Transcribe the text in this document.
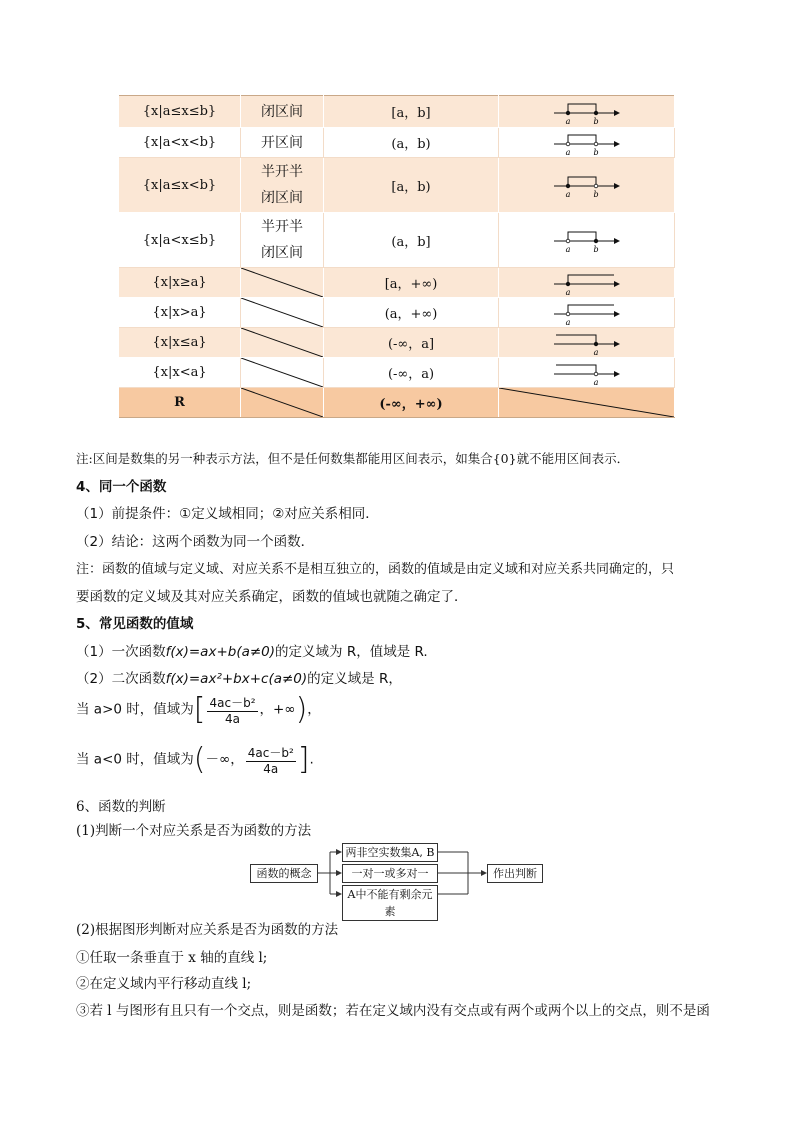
{x|a≤x≤b}	闭区间	[a，b]	a b

{x|a<x<b}	开区间	(a，b)	a b

{x|a≤x<b}	半开半
闭区间	[a，b)	a b

{x|a<x≤b}	半开半
闭区间	(a，b]	a b

{x|x≥a}		[a，+∞)	a

{x|x>a}		(a，+∞)	a

{x|x≤a}		(-∞，a]	a

{x|x<a}		(-∞，a)	a

R		(-∞，+∞)	
注:区间是数集的另一种表示方法，但不是任何数集都能用区间表示，如集合{0}就不能用区间表示．
4、同一个函数
（1）前提条件：①定义域相同；②对应关系相同．
（2）结论：这两个函数为同一个函数．
注：函数的值域与定义域、对应关系不是相互独立的，函数的值域是由定义域和对应关系共同确定的，只
要函数的定义域及其对应关系确定，函数的值域也就随之确定了．
5、常见函数的值域
（1）一次函数f(x)=ax+b(a≠0)的定义域为 R，值域是 R.
（2）二次函数f(x)=ax²+bx+c(a≠0)的定义域是 R，
当 a>0 时，值域为[ $\frac{\text{4ac－b²}}{4a}$ ，+∞)，
当 a<0 时，值域为(－∞， $\frac{\text{4ac－b²}}{4a}$ ].
6、函数的判断
(1)判断一个对应关系是否为函数的方法
函数的概念
两非空实数集A, B
一对一或多对一
A中不能有剩余元素
作出判断
(2)根据图形判断对应关系是否为函数的方法
①任取一条垂直于 x 轴的直线 l;
②在定义域内平行移动直线 l;
③若 l 与图形有且只有一个交点，则是函数；若在定义域内没有交点或有两个或两个以上的交点，则不是函
